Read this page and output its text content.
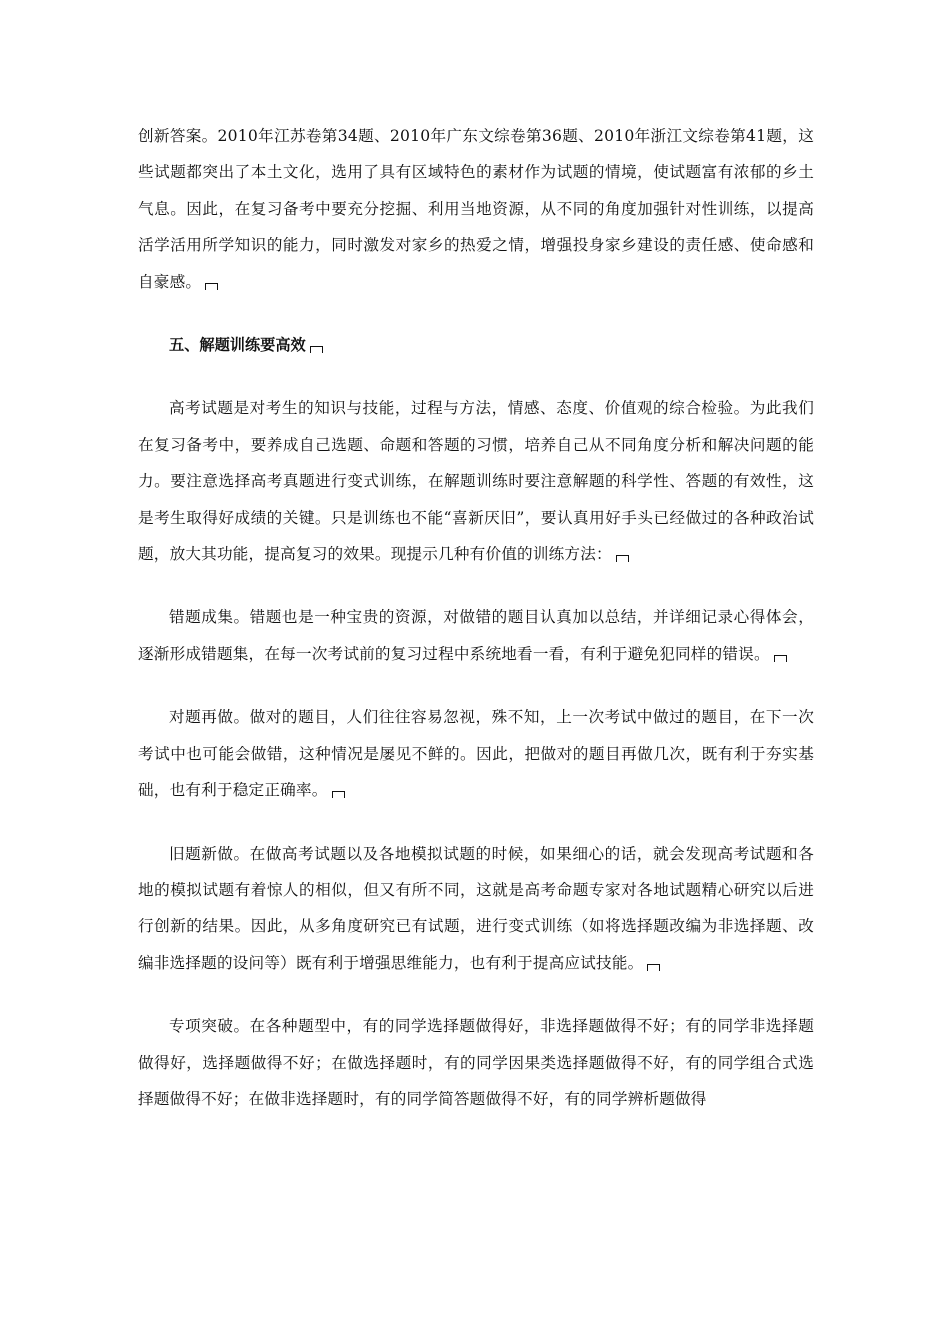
创新答案。2010年江苏卷第34题、2010年广东文综卷第36题、2010年浙江文综卷第41题，这些试题都突出了本土文化，选用了具有区域特色的素材作为试题的情境，使试题富有浓郁的乡土气息。因此，在复习备考中要充分挖掘、利用当地资源，从不同的角度加强针对性训练，以提高活学活用所学知识的能力，同时激发对家乡的热爱之情，增强投身家乡建设的责任感、使命感和自豪感。

五、解题训练要高效

高考试题是对考生的知识与技能，过程与方法，情感、态度、价值观的综合检验。为此我们在复习备考中，要养成自己选题、命题和答题的习惯，培养自己从不同角度分析和解决问题的能力。要注意选择高考真题进行变式训练，在解题训练时要注意解题的科学性、答题的有效性，这是考生取得好成绩的关键。只是训练也不能“喜新厌旧”，要认真用好手头已经做过的各种政治试题，放大其功能，提高复习的效果。现提示几种有价值的训练方法：

错题成集。错题也是一种宝贵的资源，对做错的题目认真加以总结，并详细记录心得体会，逐渐形成错题集，在每一次考试前的复习过程中系统地看一看，有利于避免犯同样的错误。

对题再做。做对的题目，人们往往容易忽视，殊不知，上一次考试中做过的题目，在下一次考试中也可能会做错，这种情况是屡见不鲜的。因此，把做对的题目再做几次，既有利于夯实基础，也有利于稳定正确率。

旧题新做。在做高考试题以及各地模拟试题的时候，如果细心的话，就会发现高考试题和各地的模拟试题有着惊人的相似，但又有所不同，这就是高考命题专家对各地试题精心研究以后进行创新的结果。因此，从多角度研究已有试题，进行变式训练（如将选择题改编为非选择题、改编非选择题的设问等）既有利于增强思维能力，也有利于提高应试技能。

专项突破。在各种题型中，有的同学选择题做得好，非选择题做得不好；有的同学非选择题做得好，选择题做得不好；在做选择题时，有的同学因果类选择题做得不好，有的同学组合式选择题做得不好；在做非选择题时，有的同学简答题做得不好，有的同学辨析题做得
